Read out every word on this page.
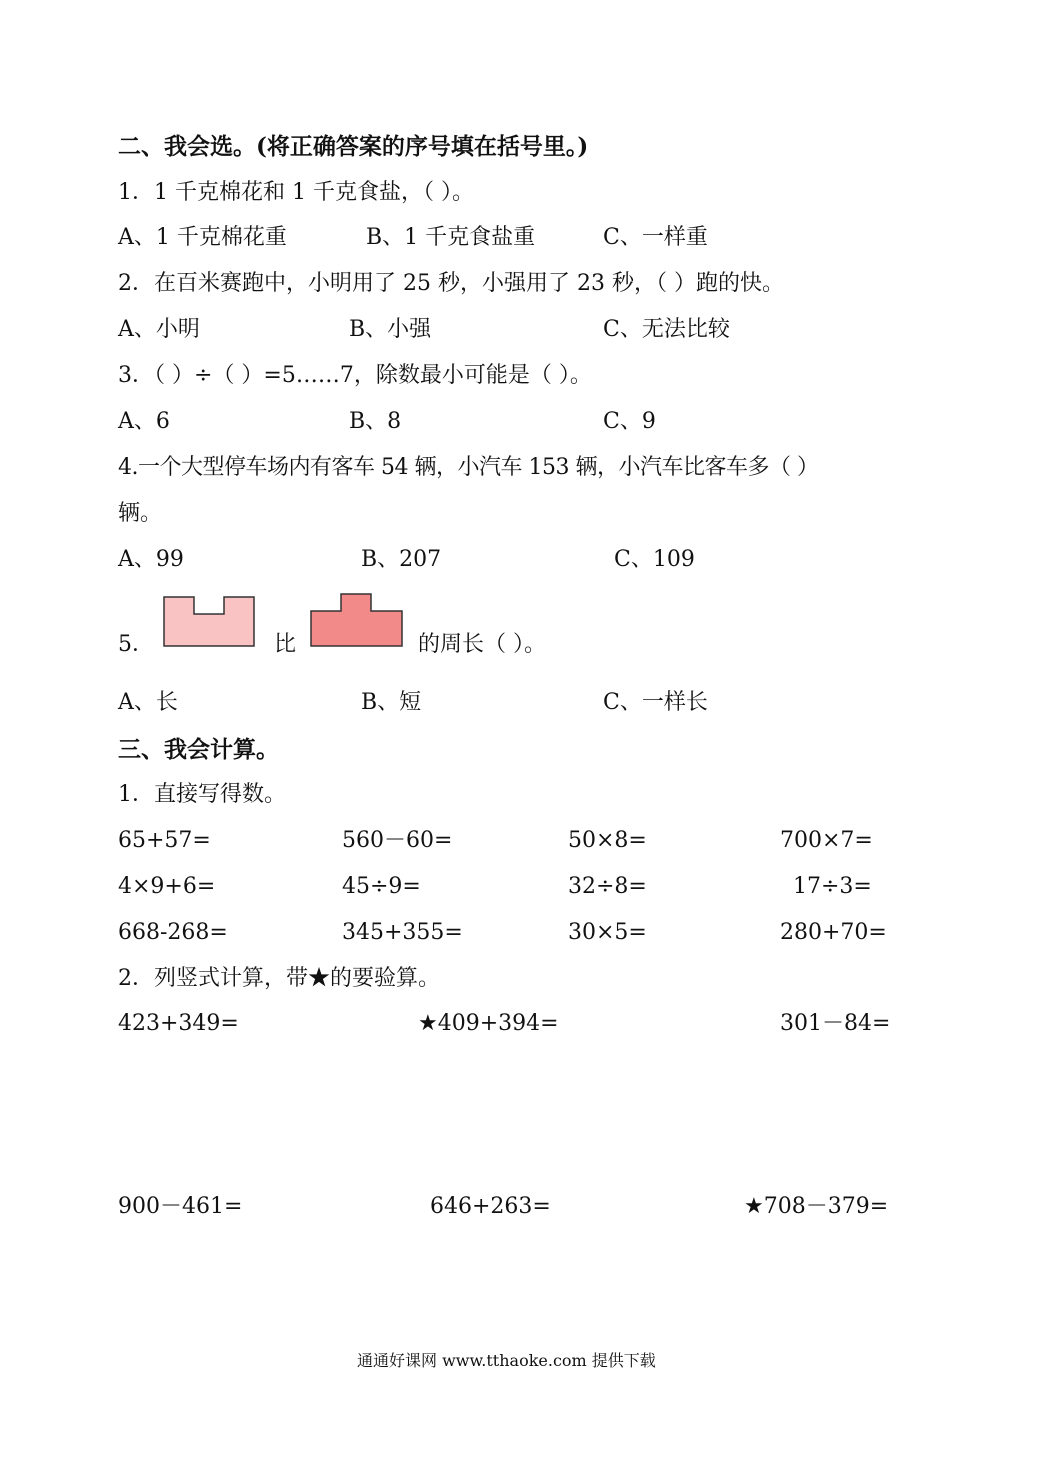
二、我会选。(将正确答案的序号填在括号里。)
1．1 千克棉花和 1 千克食盐，（ ）。
A、1 千克棉花重	B、1 千克食盐重	C、一样重
2．在百米赛跑中，小明用了 25 秒，小强用了 23 秒，（ ）跑的快。
A、小明	B、小强	C、无法比较
3．（ ）÷（ ）=5……7，除数最小可能是（ ）。
A、6	B、8	C、9
4.一个大型停车场内有客车 54 辆，小汽车 153 辆，小汽车比客车多（ ）
辆。
A、99	B、207	C、109
5．	比	的周长（ ）。
A、长	B、短	C、一样长
三、我会计算。
1．直接写得数。
65+57=	560－60=	50×8=	700×7=
4×9+6=	45÷9=	32÷8=	17÷3=
668-268=	345+355=	30×5=	280+70=
2．列竖式计算，带★的要验算。
423+349=	★409+394=	301－84=
900－461=	646+263=	★708－379=
通通好课网 www.tthaoke.com 提供下载
